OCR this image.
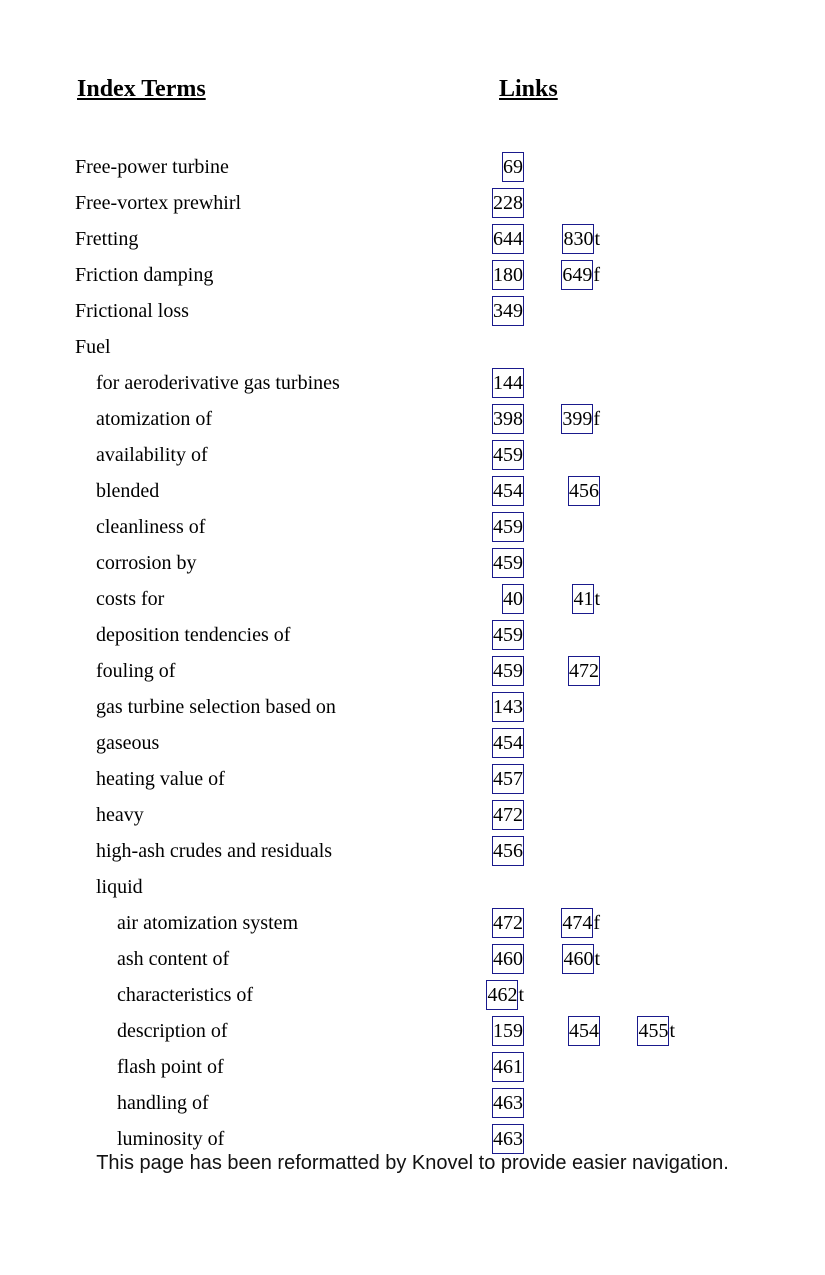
Index Terms	Links
Free-power turbine	69
Free-vortex prewhirl	228
Fretting	644 830t
Friction damping	180 649f
Frictional loss	349
Fuel
for aeroderivative gas turbines	144
atomization of	398 399f
availability of	459
blended	454 456
cleanliness of	459
corrosion by	459
costs for	40	41t
deposition tendencies of	459
fouling of	459 472
gas turbine selection based on	143
gaseous	454
heating value of	457
heavy	472
high-ash crudes and residuals	456
liquid
air atomization system	472 474f
ash content of	460 460t
characteristics of	462t
description of	159 454 455t
flash point of	461
handling of	463
luminosity of	463
This page has been reformatted by Knovel to provide easier navigation.
